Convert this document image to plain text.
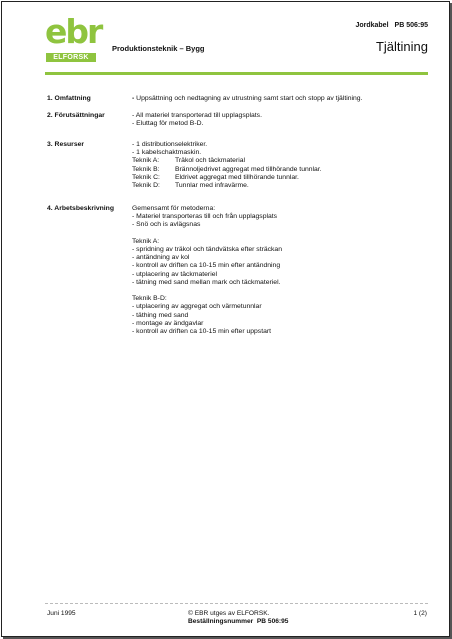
ebr
ELFORSK
Produktionsteknik – Bygg
Jordkabel PB 506:95
Tjältining
1. Omfattning	- Uppsättning och nedtagning av utrustning samt start och stopp av tjältining.
2. Förutsättningar	- All materiel transporterad till upplagsplats.
- Eluttag för metod B-D.
3. Resurser	- 1 distributionselektriker.
- 1 kabelschaktmaskin.
Teknik A:	Träkol och täckmaterial
Teknik B:	Brännoljedrivet aggregat med tillhörande tunnlar.
Teknik C:	Eldrivet aggregat med tillhörande tunnlar.
Teknik D:	Tunnlar med infravärme.
4. Arbetsbeskrivning	Gemensamt för metoderna:
- Materiel transporteras till och från upplagsplats
- Snö och is avlägsnas
Teknik A:
- spridning av träkol och tändvätska efter sträckan
- antändning av kol
- kontroll av driften ca 10-15 min efter antändning
- utplacering av täckmateriel
- tätning med sand mellan mark och täckmateriel.
Teknik B-D:
- utplacering av aggregat och värmetunnlar
- täthing med sand
- montage av ändgavlar
- kontroll av driften ca 10-15 min efter uppstart
Juni 1995	© EBR utges av ELFORSK.
Beställningsnummer PB 506:95
1 (2)
